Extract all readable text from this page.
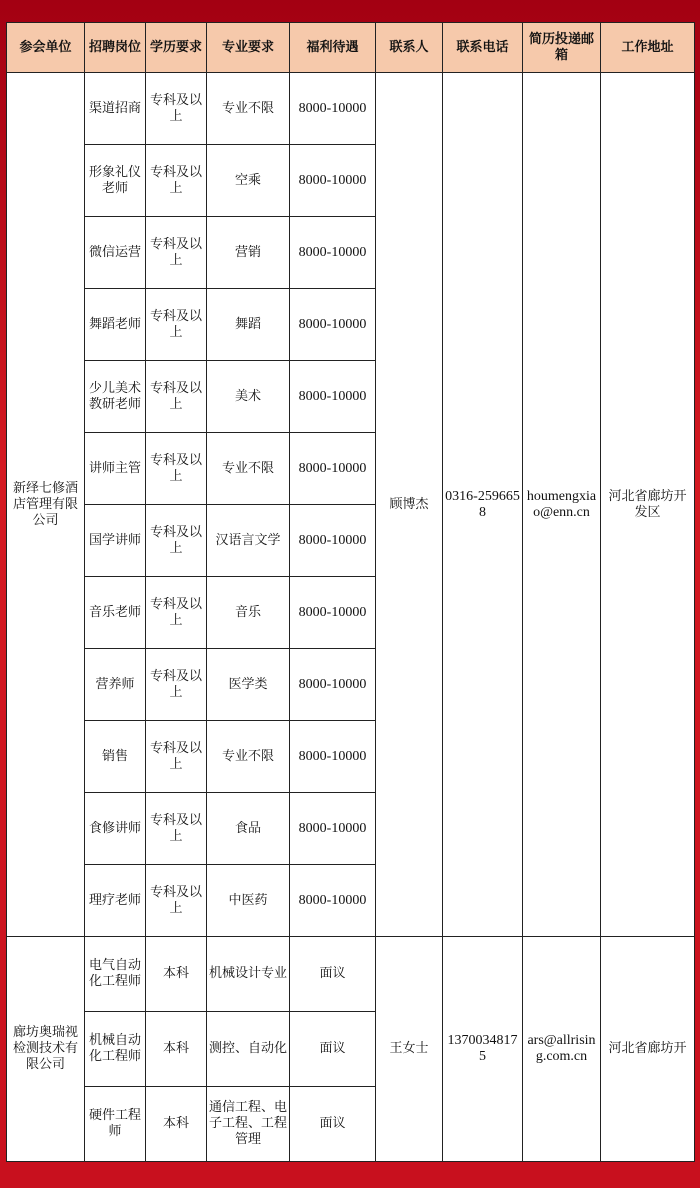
参会单位	招聘岗位	学历要求	专业要求	福利待遇	联系人	联系电话	简历投递邮箱	工作地址
新绎七修酒店管理有限公司	渠道招商	专科及以上	专业不限	8000-10000	顾博杰	0316-2596658	houmengxiao@enn.cn	河北省廊坊开发区
	形象礼仪老师	专科及以上	空乘	8000-10000				
	微信运营	专科及以上	营销	8000-10000				
	舞蹈老师	专科及以上	舞蹈	8000-10000				
	少儿美术教研老师	专科及以上	美术	8000-10000				
	讲师主管	专科及以上	专业不限	8000-10000				
	国学讲师	专科及以上	汉语言文学	8000-10000				
	音乐老师	专科及以上	音乐	8000-10000				
	营养师	专科及以上	医学类	8000-10000				
	销售	专科及以上	专业不限	8000-10000				
	食修讲师	专科及以上	食品	8000-10000				
	理疗老师	专科及以上	中医药	8000-10000				
廊坊奥瑞视检测技术有限公司	电气自动化工程师	本科	机械设计专业	面议	王女士	13700348175	ars@allrising.com.cn	河北省廊坊开
	机械自动化工程师	本科	测控、自动化	面议				
	硬件工程师	本科	通信工程、电子工程、工程管理	面议				
